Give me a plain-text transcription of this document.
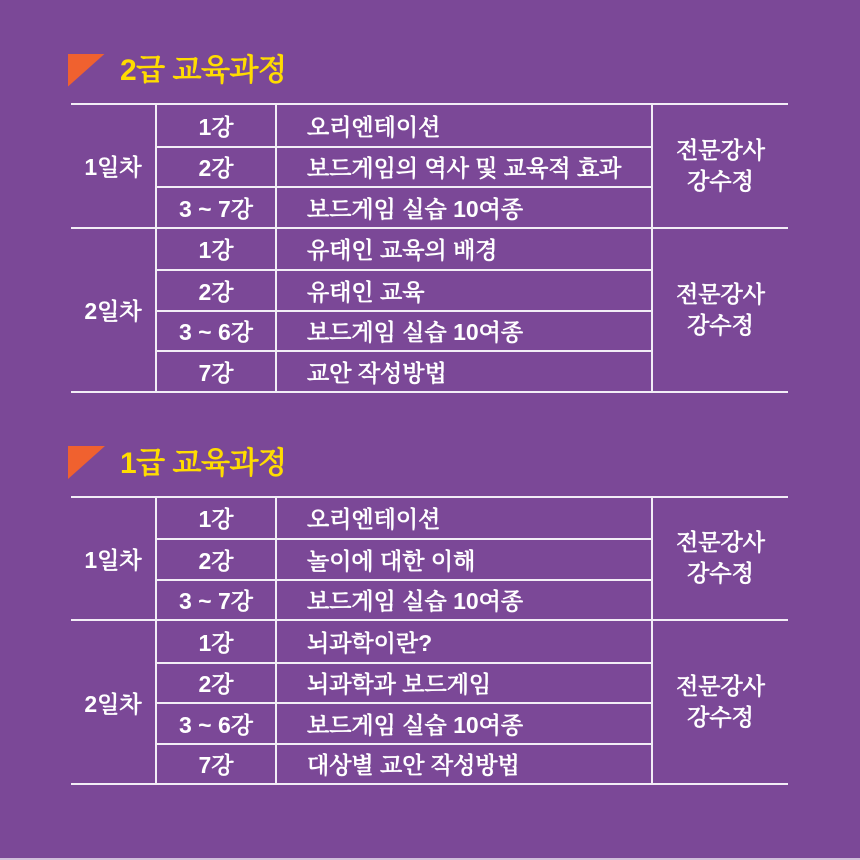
2급 교육과정
1일차
1강	오리엔테이션
2강	보드게임의 역사 및 교육적 효과
3 ~ 7강	보드게임 실습 10여종
전문강사
강수정
2일차
1강	유태인 교육의 배경
2강	유태인 교육
3 ~ 6강	보드게임 실습 10여종
7강	교안 작성방법
전문강사
강수정
1급 교육과정
1일차
1강	오리엔테이션
2강	놀이에 대한 이해
3 ~ 7강	보드게임 실습 10여종
전문강사
강수정
2일차
1강	뇌과학이란?
2강	뇌과학과 보드게임
3 ~ 6강	보드게임 실습 10여종
7강	대상별 교안 작성방법
전문강사
강수정
